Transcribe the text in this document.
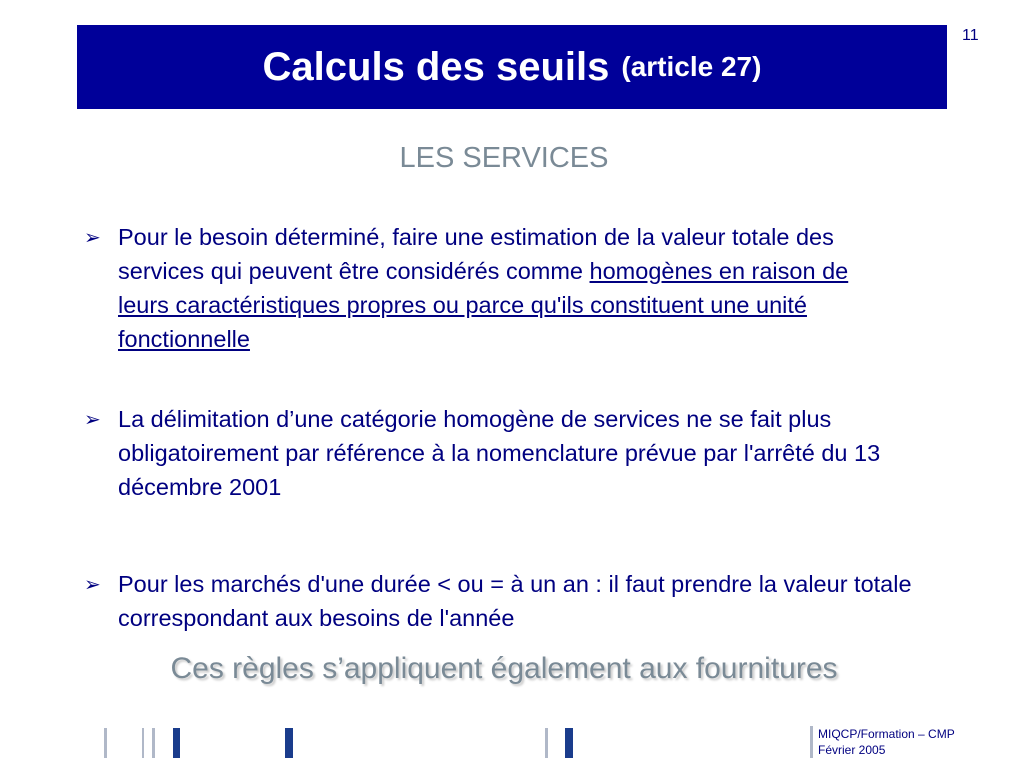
11
Calculs des seuils (article 27)
LES SERVICES
➢ Pour le besoin déterminé, faire une estimation de la valeur totale des services qui peuvent être considérés comme homogènes en raison de leurs caractéristiques propres ou parce qu'ils constituent une unité fonctionnelle
➢ La délimitation d’une catégorie homogène de services ne se fait plus obligatoirement par référence à la nomenclature prévue par l'arrêté du 13 décembre 2001
➢ Pour les marchés d'une durée < ou = à un an : il faut prendre la valeur totale correspondant aux besoins de l'année
Ces règles s’appliquent également aux fournitures
MIQCP/Formation – CMP
Février 2005
